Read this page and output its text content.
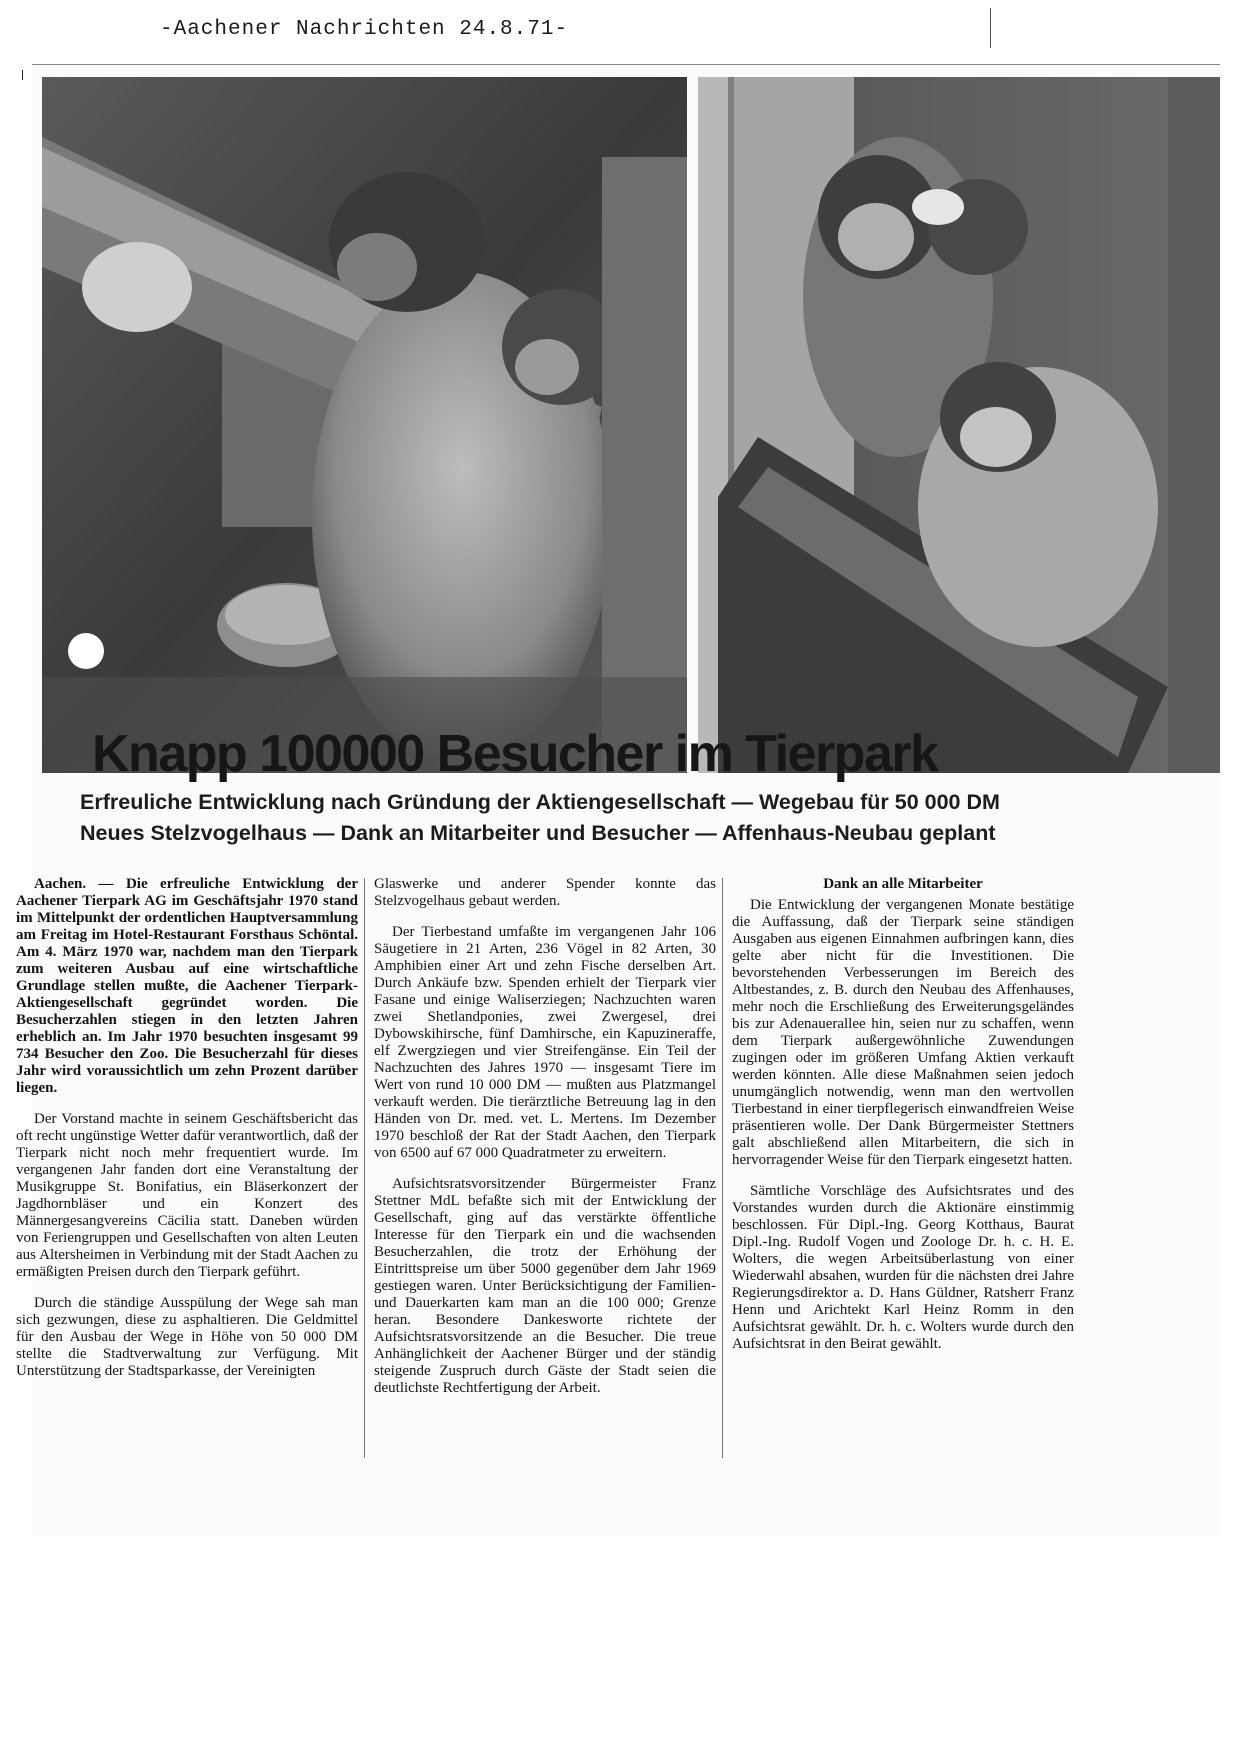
-Aachener Nachrichten 24.8.71-
Knapp 100000 Besucher im Tierpark
Erfreuliche Entwicklung nach Gründung der Aktiengesellschaft — Wegebau für 50 000 DM
Neues Stelzvogelhaus — Dank an Mitarbeiter und Besucher — Affenhaus-Neubau geplant

Aachen. — Die erfreuliche Entwicklung der Aachener Tierpark AG im Geschäftsjahr 1970 stand im Mittelpunkt der ordentlichen Hauptversammlung am Freitag im Hotel-Restaurant Forsthaus Schöntal. Am 4. März 1970 war, nachdem man den Tierpark zum weiteren Ausbau auf eine wirtschaftliche Grundlage stellen mußte, die Aachener Tierpark-Aktiengesellschaft gegründet worden. Die Besucherzahlen stiegen in den letzten Jahren erheblich an. Im Jahr 1970 besuchten insgesamt 99 734 Besucher den Zoo. Die Besucherzahl für dieses Jahr wird voraussichtlich um zehn Prozent darüber liegen.

Der Vorstand machte in seinem Geschäftsbericht das oft recht ungünstige Wetter dafür verantwortlich, daß der Tierpark nicht noch mehr frequentiert wurde. Im vergangenen Jahr fanden dort eine Veranstaltung der Musikgruppe St. Bonifatius, ein Bläserkonzert der Jagdhornbläser und ein Konzert des Männergesangvereins Cäcilia statt. Daneben würden von Feriengruppen und Gesellschaften von alten Leuten aus Altersheimen in Verbindung mit der Stadt Aachen zu ermäßigten Preisen durch den Tierpark geführt.

Durch die ständige Ausspülung der Wege sah man sich gezwungen, diese zu asphaltieren. Die Geldmittel für den Ausbau der Wege in Höhe von 50 000 DM stellte die Stadtverwaltung zur Verfügung. Mit Unterstützung der Stadtsparkasse, der Vereinigten

Glaswerke und anderer Spender konnte das Stelzvogelhaus gebaut werden.

Der Tierbestand umfaßte im vergangenen Jahr 106 Säugetiere in 21 Arten, 236 Vögel in 82 Arten, 30 Amphibien einer Art und zehn Fische derselben Art. Durch Ankäufe bzw. Spenden erhielt der Tierpark vier Fasane und einige Waliserziegen; Nachzuchten waren zwei Shetlandponies, zwei Zwergesel, drei Dybowskihirsche, fünf Damhirsche, ein Kapuzineraffe, elf Zwergziegen und vier Streifengänse. Ein Teil der Nachzuchten des Jahres 1970 — insgesamt Tiere im Wert von rund 10 000 DM — mußten aus Platzmangel verkauft werden. Die tierärztliche Betreuung lag in den Händen von Dr. med. vet. L. Mertens. Im Dezember 1970 beschloß der Rat der Stadt Aachen, den Tierpark von 6500 auf 67 000 Quadratmeter zu erweitern.

Aufsichtsratsvorsitzender Bürgermeister Franz Stettner MdL befaßte sich mit der Entwicklung der Gesellschaft, ging auf das verstärkte öffentliche Interesse für den Tierpark ein und die wachsenden Besucherzahlen, die trotz der Erhöhung der Eintrittspreise um über 5000 gegenüber dem Jahr 1969 gestiegen waren. Unter Berücksichtigung der Familien- und Dauerkarten kam man an die 100 000; Grenze heran. Besondere Dankesworte richtete der Aufsichtsratsvorsitzende an die Besucher. Die treue Anhänglichkeit der Aachener Bürger und der ständig steigende Zuspruch durch Gäste der Stadt seien die deutlichste Rechtfertigung der Arbeit.

Dank an alle Mitarbeiter

Die Entwicklung der vergangenen Monate bestätige die Auffassung, daß der Tierpark seine ständigen Ausgaben aus eigenen Einnahmen aufbringen kann, dies gelte aber nicht für die Investitionen. Die bevorstehenden Verbesserungen im Bereich des Altbestandes, z. B. durch den Neubau des Affenhauses, mehr noch die Erschließung des Erweiterungsgeländes bis zur Adenauerallee hin, seien nur zu schaffen, wenn dem Tierpark außergewöhnliche Zuwendungen zugingen oder im größeren Umfang Aktien verkauft werden könnten. Alle diese Maßnahmen seien jedoch unumgänglich notwendig, wenn man den wertvollen Tierbestand in einer tierpflegerisch einwandfreien Weise präsentieren wolle. Der Dank Bürgermeister Stettners galt abschließend allen Mitarbeitern, die sich in hervorragender Weise für den Tierpark eingesetzt hatten.

Sämtliche Vorschläge des Aufsichtsrates und des Vorstandes wurden durch die Aktionäre einstimmig beschlossen. Für Dipl.-Ing. Georg Kotthaus, Baurat Dipl.-Ing. Rudolf Vogen und Zoologe Dr. h. c. H. E. Wolters, die wegen Arbeitsüberlastung von einer Wiederwahl absahen, wurden für die nächsten drei Jahre Regierungsdirektor a. D. Hans Güldner, Ratsherr Franz Henn und Arichtekt Karl Heinz Romm in den Aufsichtsrat gewählt. Dr. h. c. Wolters wurde durch den Aufsichtsrat in den Beirat gewählt.
